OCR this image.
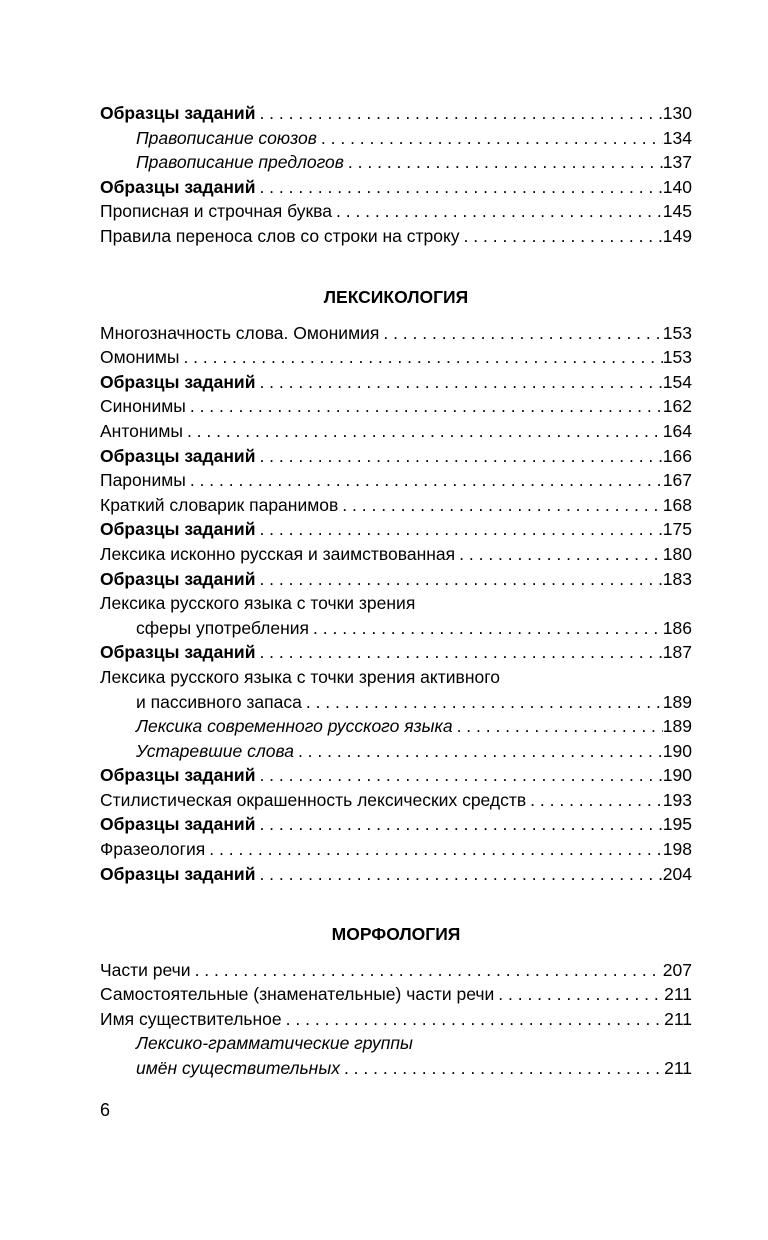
Образцы заданий . . .	130
Правописание союзов . . .	134
Правописание предлогов . . .	137
Образцы заданий . . .	140
Прописная и строчная буква . . .	145
Правила переноса слов со строки на строку . . .	149
ЛЕКСИКОЛОГИЯ
Многозначность слова. Омонимия . . .	153
Омонимы . . .	153
Образцы заданий . . .	154
Синонимы . . .	162
Антонимы . . .	164
Образцы заданий . . .	166
Паронимы . . .	167
Краткий словарик паранимов . . .	168
Образцы заданий . . .	175
Лексика исконно русская и заимствованная . . .	180
Образцы заданий . . .	183
Лексика русского языка с точки зрения
сферы употребления . . .	186
Образцы заданий . . .	187
Лексика русского языка с точки зрения активного
и пассивного запаса . . .	189
Лексика современного русского языка . . .	189
Устаревшие слова . . .	190
Образцы заданий . . .	190
Стилистическая окрашенность лексических средств . . .	193
Образцы заданий . . .	195
Фразеология . . .	198
Образцы заданий . . .	204
МОРФОЛОГИЯ
Части речи . . .	207
Самостоятельные (знаменательные) части речи . . .	211
Имя существительное . . .	211
Лексико-грамматические группы
имён существительных . . .	211
6
